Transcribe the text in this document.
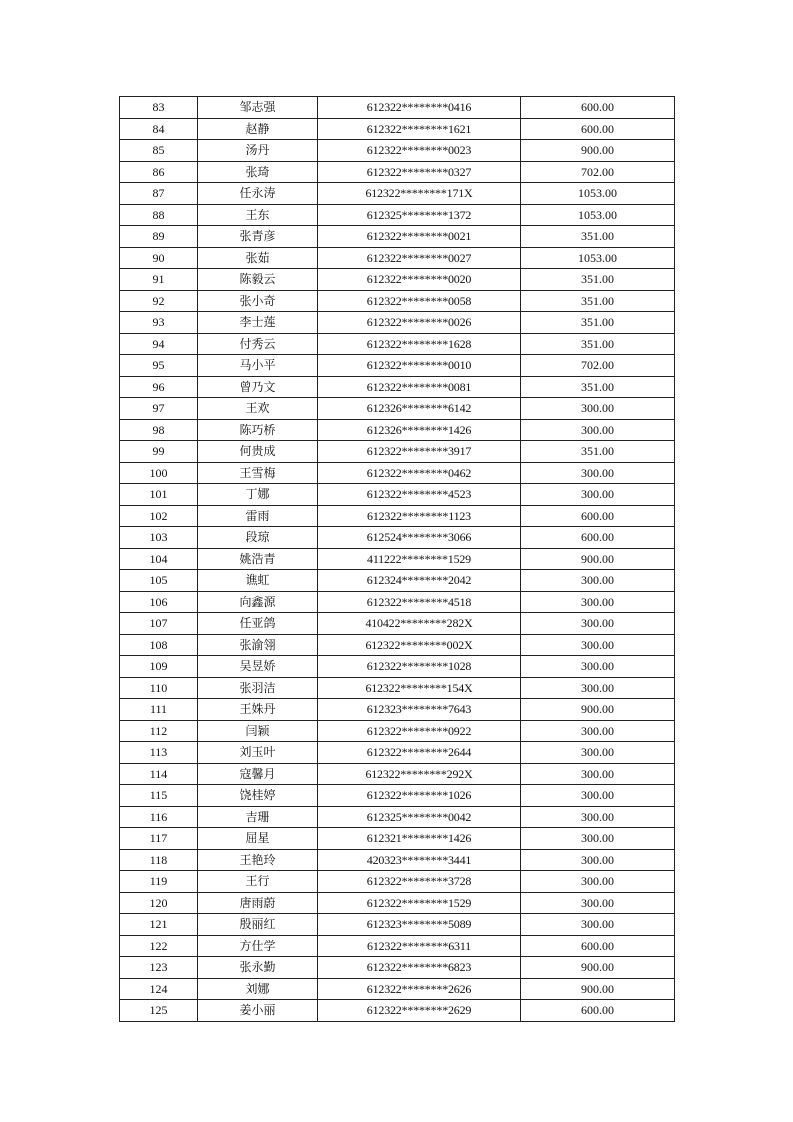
83	邹志强	612322********0416	600.00
84	赵静	612322********1621	600.00
85	汤丹	612322********0023	900.00
86	张琦	612322********0327	702.00
87	任永涛	612322********171X	1053.00
88	王东	612325********1372	1053.00
89	张青彦	612322********0021	351.00
90	张茹	612322********0027	1053.00
91	陈毅云	612322********0020	351.00
92	张小奇	612322********0058	351.00
93	李士莲	612322********0026	351.00
94	付秀云	612322********1628	351.00
95	马小平	612322********0010	702.00
96	曾乃文	612322********0081	351.00
97	王欢	612326********6142	300.00
98	陈巧桥	612326********1426	300.00
99	何贵成	612322********3917	351.00
100	王雪梅	612322********0462	300.00
101	丁娜	612322********4523	300.00
102	雷雨	612322********1123	600.00
103	段琼	612524********3066	600.00
104	姚浩青	411222********1529	900.00
105	谯虹	612324********2042	300.00
106	向鑫源	612322********4518	300.00
107	任亚鸽	410422********282X	300.00
108	张渝翎	612322********002X	300.00
109	吴昱娇	612322********1028	300.00
110	张羽洁	612322********154X	300.00
111	王姝丹	612323********7643	900.00
112	闫颖	612322********0922	300.00
113	刘玉叶	612322********2644	300.00
114	寇馨月	612322********292X	300.00
115	饶桂婷	612322********1026	300.00
116	吉珊	612325********0042	300.00
117	屈星	612321********1426	300.00
118	王艳玲	420323********3441	300.00
119	王行	612322********3728	300.00
120	唐雨蔚	612322********1529	300.00
121	殷丽红	612323********5089	300.00
122	方仕学	612322********6311	600.00
123	张永勤	612322********6823	900.00
124	刘娜	612322********2626	900.00
125	姜小丽	612322********2629	600.00
